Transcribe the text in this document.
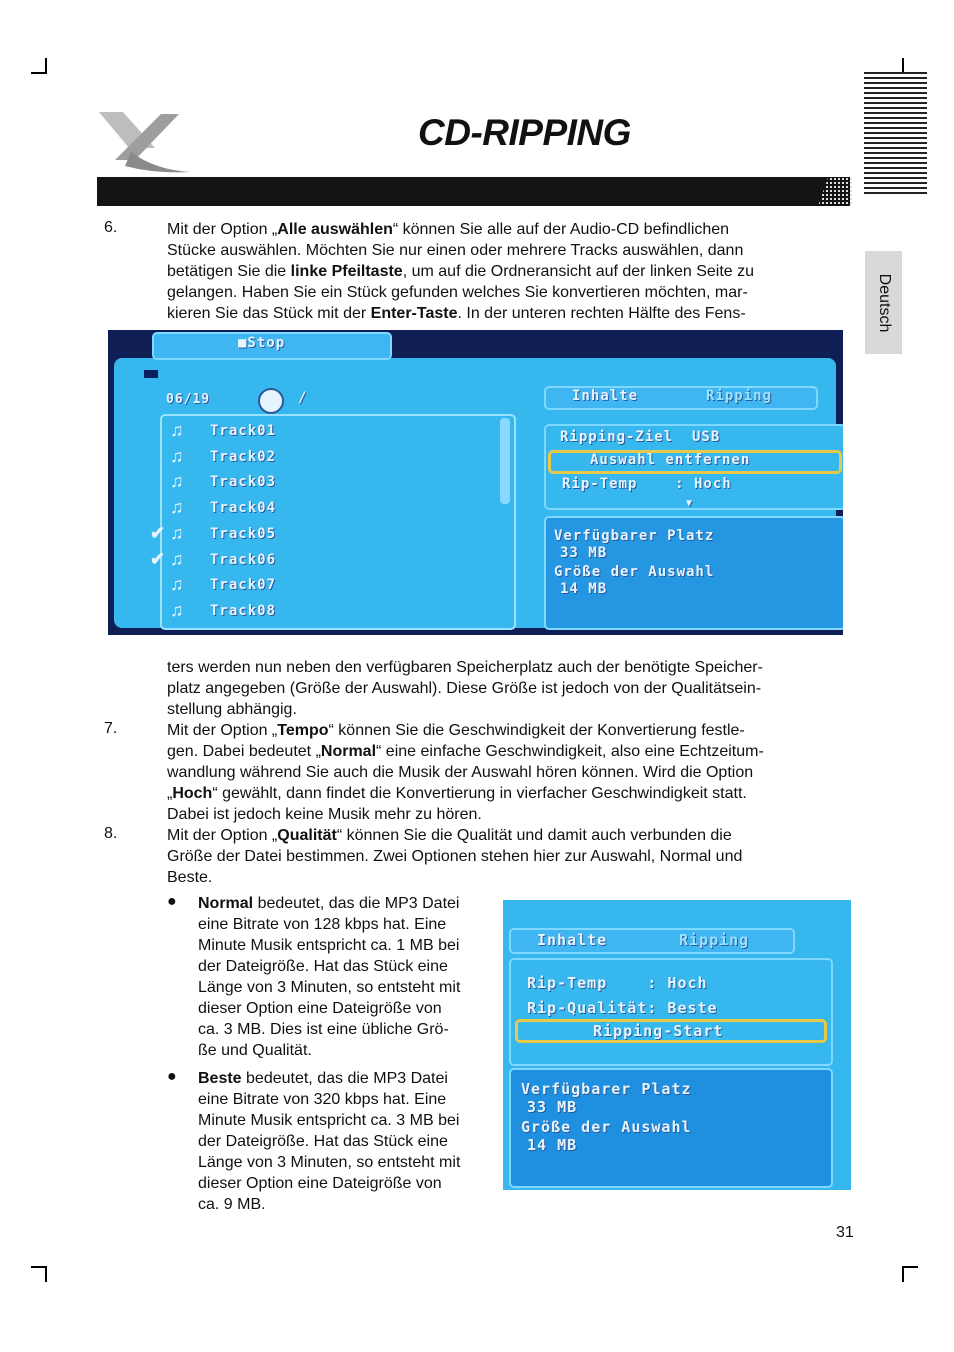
CD-RIPPING
Deutsch
6.	Mit der Option „Alle auswählen“ können Sie alle auf der Audio-CD befindlichen
Stücke auswählen. Möchten Sie nur einen oder mehrere Tracks auswählen, dann
betätigen Sie die linke Pfeiltaste, um auf die Ordneransicht auf der linken Seite zu
gelangen. Haben Sie ein Stück gefunden welches Sie konvertieren möchten, mar-
kieren Sie das Stück mit der Enter-Taste. In der unteren rechten Hälfte des Fens-
■Stop
06/19	/
♫	Track01
♫	Track02
♫	Track03
♫	Track04
✔ ♫	Track05
✔ ♫	Track06
♫	Track07
♫	Track08
Inhalte	Ripping
Ripping-Ziel  USB
Auswahl entfernen
Rip-Temp    : Hoch
▼
Verfügbarer Platz
33 MB
Größe der Auswahl
14 MB
ters werden nun neben den verfügbaren Speicherplatz auch der benötigte Speicher-
platz angegeben (Größe der Auswahl). Diese Größe ist jedoch von der Qualitätsein-
stellung abhängig.
7.	Mit der Option „Tempo“ können Sie die Geschwindigkeit der Konvertierung festle-
gen. Dabei bedeutet „Normal“ eine einfache Geschwindigkeit, also eine Echtzeitum-
wandlung während Sie auch die Musik der Auswahl hören können. Wird die Option
„Hoch“ gewählt, dann findet die Konvertierung in vierfacher Geschwindigkeit statt.
Dabei ist jedoch keine Musik mehr zu hören.
8.	Mit der Option „Qualität“ können Sie die Qualität und damit auch verbunden die
Größe der Datei bestimmen. Zwei Optionen stehen hier zur Auswahl, Normal und
Beste.
● Normal bedeutet, das die MP3 Datei
eine Bitrate von 128 kbps hat. Eine
Minute Musik entspricht ca. 1 MB bei
der Dateigröße. Hat das Stück eine
Länge von 3 Minuten, so entsteht mit
dieser Option eine Dateigröße von
ca. 3 MB. Dies ist eine übliche Grö-
ße und Qualität.
● Beste bedeutet, das die MP3 Datei
eine Bitrate von 320 kbps hat. Eine
Minute Musik entspricht ca. 3 MB bei
der Dateigröße. Hat das Stück eine
Länge von 3 Minuten, so entsteht mit
dieser Option eine Dateigröße von
ca. 9 MB.
Inhalte	Ripping
Rip-Temp    : Hoch
Rip-Qualität: Beste
Ripping-Start
Verfügbarer Platz
33 MB
Größe der Auswahl
14 MB
31
